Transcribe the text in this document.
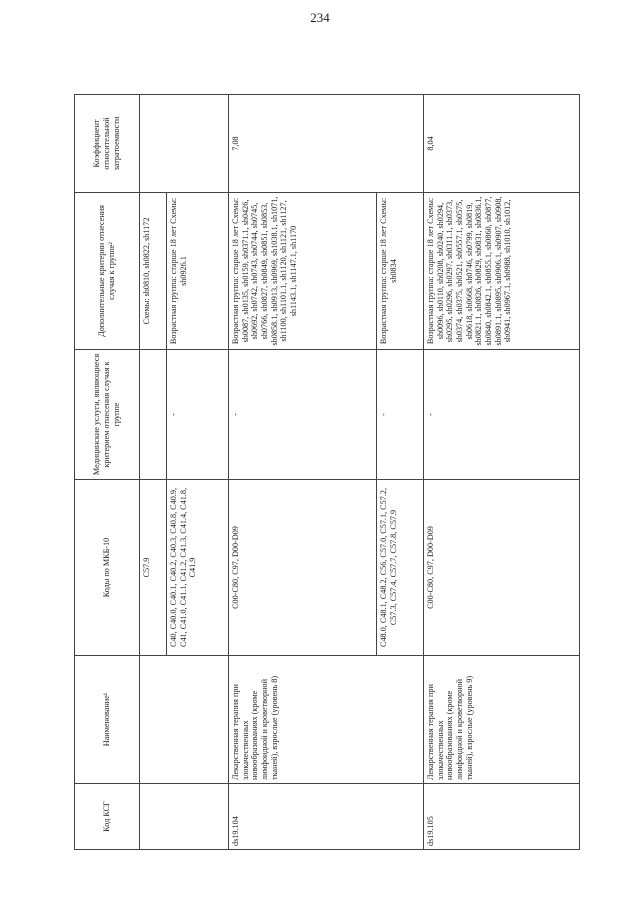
234
Код КСГ	Наименование¹	Коды по МКБ-10	Медицинские услуги, являющиеся критерием отнесения случая к группе	Дополнительные критерии отнесения случая к группе²	Коэффициент относительной затратоемкости
		C57.9		Схемы: sh0810, sh0822, sh1172	
		C40, C40.0, C40.1, C40.2, C40.3, C40.8, C40.9, C41, C41.0, C41.1, C41.2, C41.3, C41.4, C41.8, C41.9	-	Возрастная группа: старше 18 лет Схемы: sh0926.1	
ds19.104	Лекарственная терапия при злокачественных новообразованиях (кроме лимфоидной и кроветворной тканей), взрослые (уровень 8)	C00-C80, C97, D00-D09	-	Возрастная группа: старше 18 лет Схемы: sh0087, sh0135, sh0159, sh0371.1, sh0426, sh0692, sh0742, sh0743, sh0744, sh0745, sh0766, sh0827, sh0849, sh0851, sh0853, sh0858.1, sh0913, sh0969, sh1038.1, sh1071, sh1100, sh1101.1, sh1120, sh1121, sh1127, sh1143.1, sh1147.1, sh1170	7,08
		C48.0, C48.1, C48.2, C56, C57.0, C57.1, C57.2, C57.3, C57.4, C57.7, C57.8, C57.9	-	Возрастная группа: старше 18 лет Схемы: sh0834	
ds19.105	Лекарственная терапия при злокачественных новообразованиях (кроме лимфоидной и кроветворной тканей), взрослые (уровень 9)	C00-C80, C97, D00-D09	-	Возрастная группа: старше 18 лет Схемы: sh0096, sh0110, sh0208, sh0240, sh0294, sh0295, sh0296, sh0297, sh0311.1, sh0373, sh0374, sh0375, sh0521, sh0557.1, sh0575, sh0618, sh0668, sh0746, sh0799, sh0819, sh0821.1, sh0826, sh0829, sh0831, sh0836.1, sh0840, sh0842.1, sh0855.1, sh0860, sh0877, sh0891.1, sh0895, sh0906.1, sh0907, sh0908, sh0941, sh0967.1, sh0988, sh1010, sh1012,	8,04
